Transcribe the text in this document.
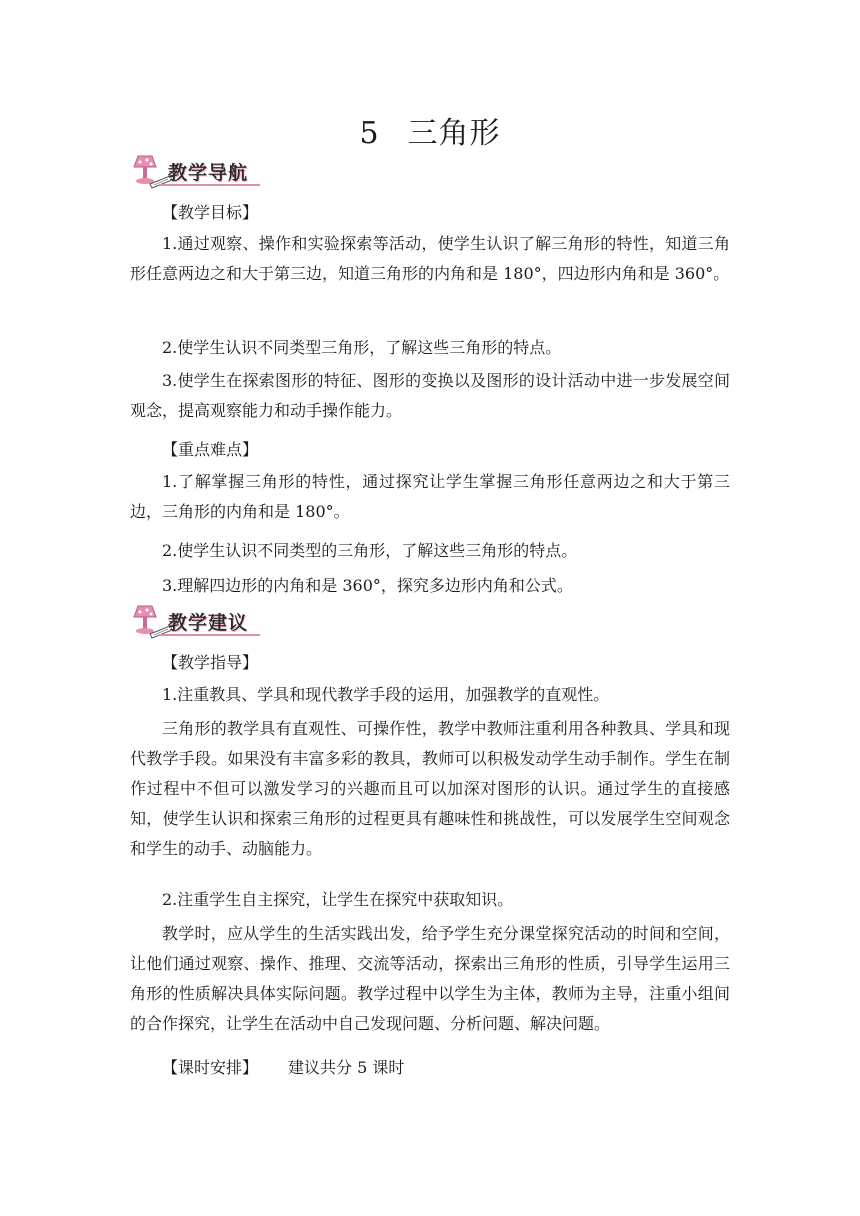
5 三角形
教学导航
【教学目标】

1.通过观察、操作和实验探索等活动，使学生认识了解三角形的特性，知道三角形任意两边之和大于第三边，知道三角形的内角和是 180°，四边形内角和是 360°。

2.使学生认识不同类型三角形，了解这些三角形的特点。

3.使学生在探索图形的特征、图形的变换以及图形的设计活动中进一步发展空间观念，提高观察能力和动手操作能力。

【重点难点】

1.了解掌握三角形的特性，通过探究让学生掌握三角形任意两边之和大于第三边，三角形的内角和是 180°。

2.使学生认识不同类型的三角形，了解这些三角形的特点。

3.理解四边形的内角和是 360°，探究多边形内角和公式。

教学建议
【教学指导】

1.注重教具、学具和现代教学手段的运用，加强教学的直观性。

三角形的教学具有直观性、可操作性，教学中教师注重利用各种教具、学具和现代教学手段。如果没有丰富多彩的教具，教师可以积极发动学生动手制作。学生在制作过程中不但可以激发学习的兴趣而且可以加深对图形的认识。通过学生的直接感知，使学生认识和探索三角形的过程更具有趣味性和挑战性，可以发展学生空间观念和学生的动手、动脑能力。

2.注重学生自主探究，让学生在探究中获取知识。

教学时，应从学生的生活实践出发，给予学生充分课堂探究活动的时间和空间，让他们通过观察、操作、推理、交流等活动，探索出三角形的性质，引导学生运用三角形的性质解决具体实际问题。教学过程中以学生为主体，教师为主导，注重小组间的合作探究，让学生在活动中自己发现问题、分析问题、解决问题。

【课时安排】 建议共分 5 课时
